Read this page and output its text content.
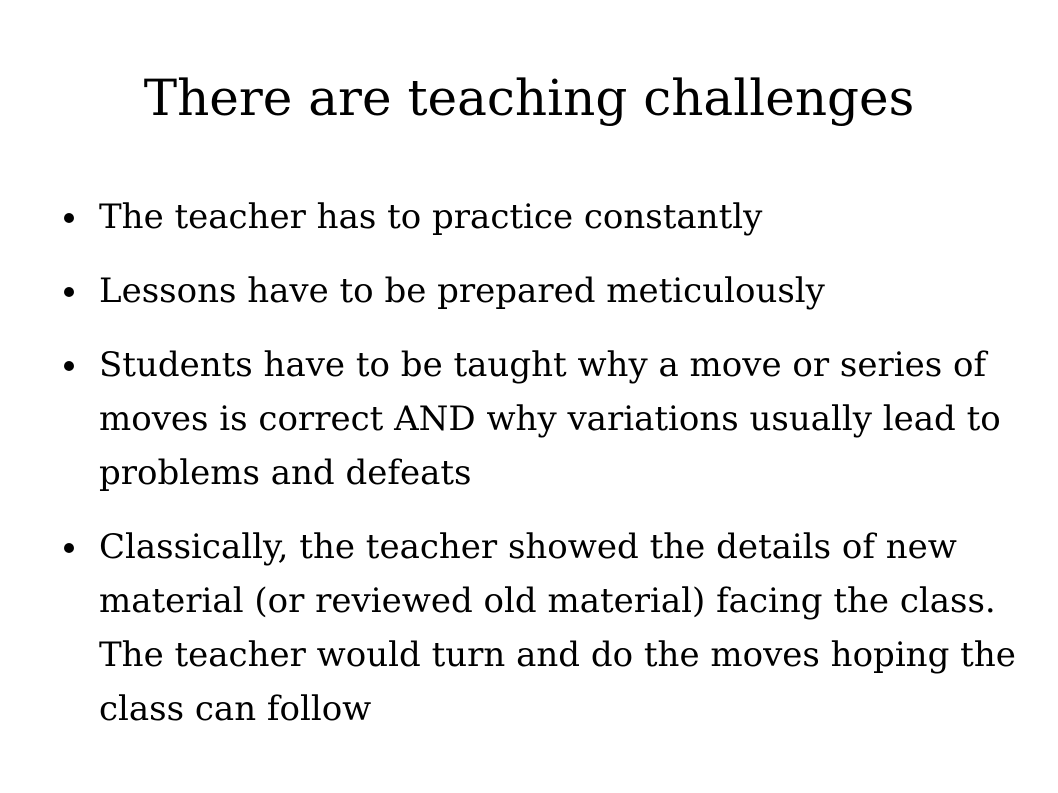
There are teaching challenges
The teacher has to practice constantly
Lessons have to be prepared meticulously
Students have to be taught why a move or series of moves is correct AND why variations usually lead to problems and defeats
Classically, the teacher showed the details of new material (or reviewed old material) facing the class. The teacher would turn and do the moves hoping the class can follow
